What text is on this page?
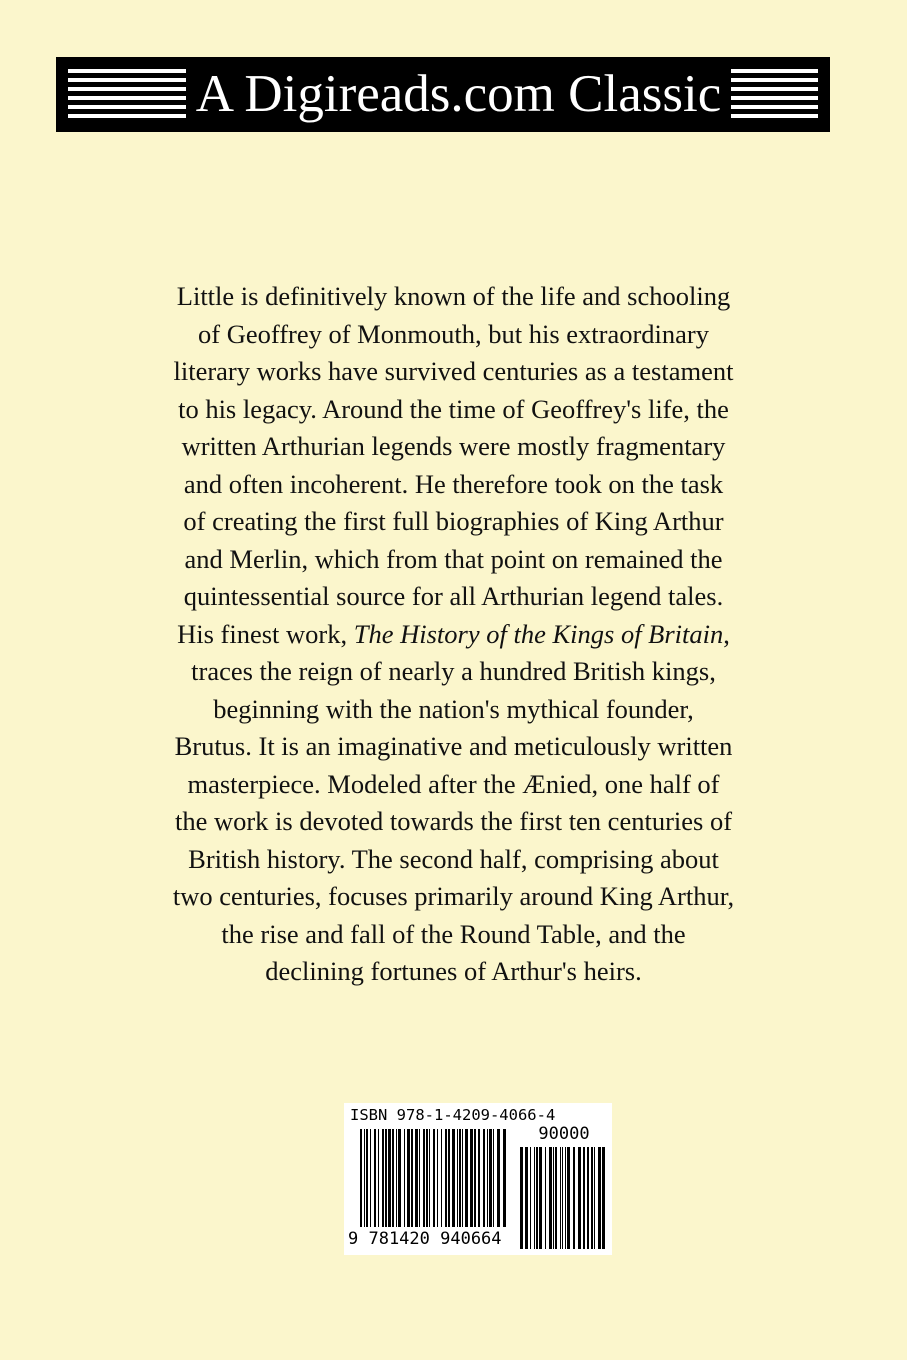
A Digireads.com Classic
Little is definitively known of the life and schooling
of Geoffrey of Monmouth, but his extraordinary
literary works have survived centuries as a testament
to his legacy. Around the time of Geoffrey's life, the
written Arthurian legends were mostly fragmentary
and often incoherent. He therefore took on the task
of creating the first full biographies of King Arthur
and Merlin, which from that point on remained the
quintessential source for all Arthurian legend tales.
His finest work, The History of the Kings of Britain,
traces the reign of nearly a hundred British kings,
beginning with the nation's mythical founder,
Brutus. It is an imaginative and meticulously written
masterpiece. Modeled after the Ænied, one half of
the work is devoted towards the first ten centuries of
British history. The second half, comprising about
two centuries, focuses primarily around King Arthur,
the rise and fall of the Round Table, and the
declining fortunes of Arthur's heirs.
ISBN 978-1-4209-4066-4
90000
9 781420 940664
